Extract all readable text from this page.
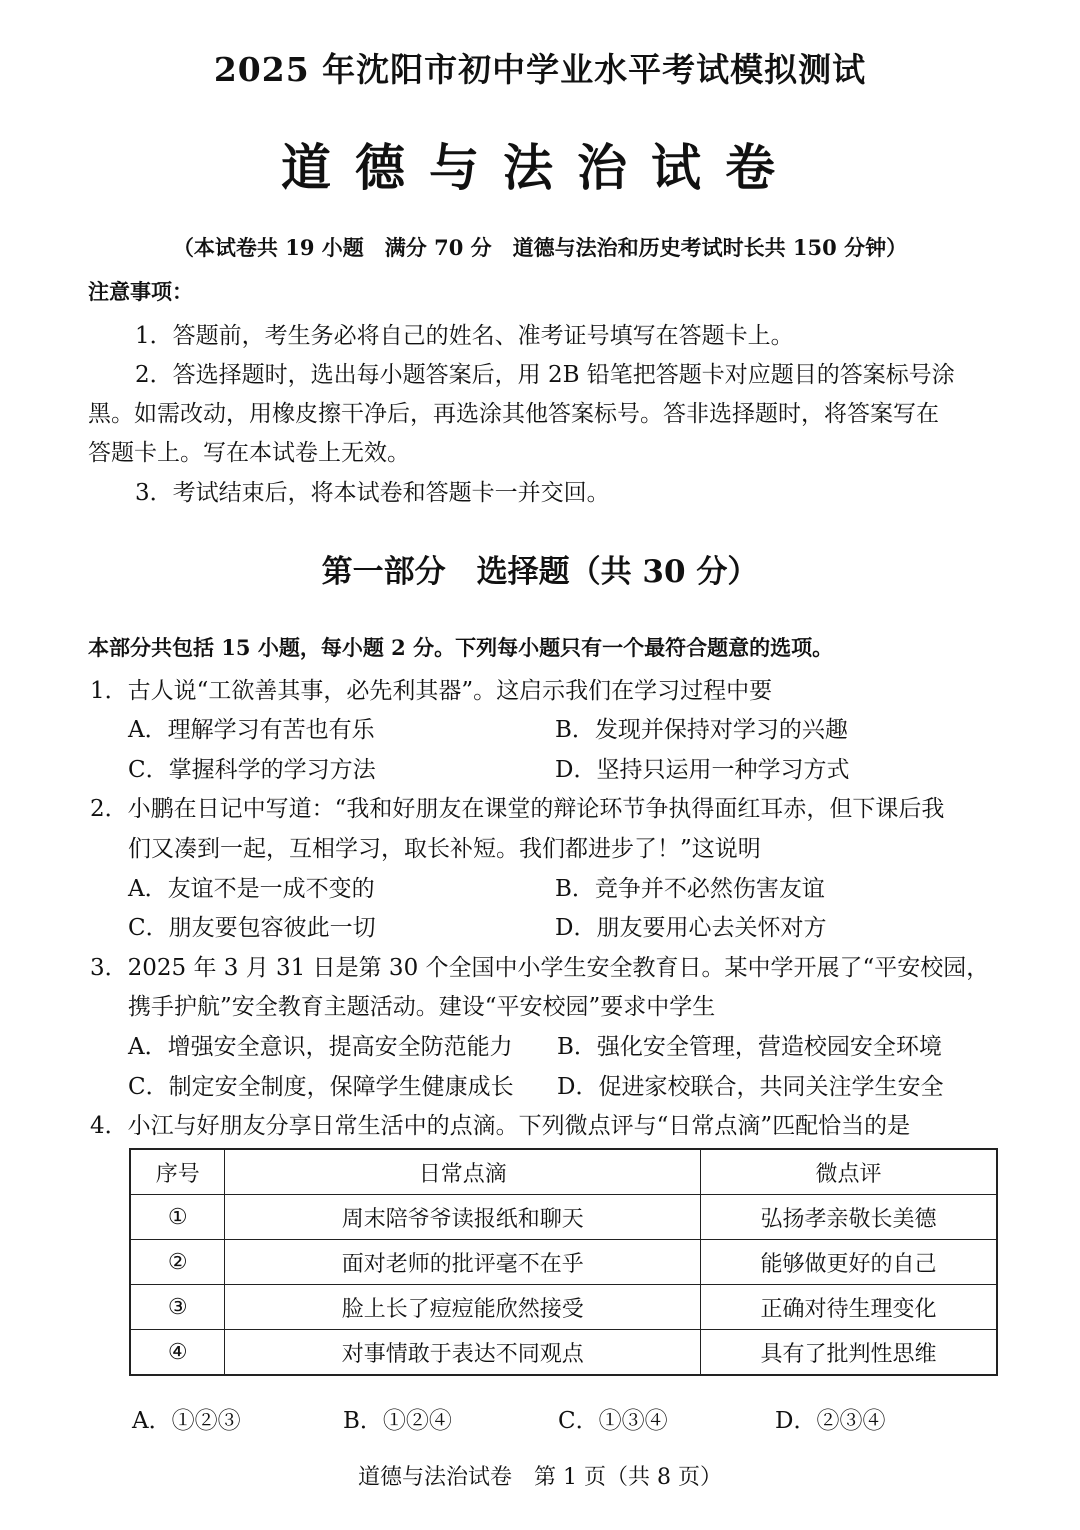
2025 年沈阳市初中学业水平考试模拟测试
道德与法治试卷
（本试卷共 19 小题　满分 70 分　道德与法治和历史考试时长共 150 分钟）
注意事项：
1．答题前，考生务必将自己的姓名、准考证号填写在答题卡上。
2．答选择题时，选出每小题答案后，用 2B 铅笔把答题卡对应题目的答案标号涂
黑。如需改动，用橡皮擦干净后，再选涂其他答案标号。答非选择题时，将答案写在
答题卡上。写在本试卷上无效。
3．考试结束后，将本试卷和答题卡一并交回。
第一部分　选择题（共 30 分）
本部分共包括 15 小题，每小题 2 分。下列每小题只有一个最符合题意的选项。
1．古人说“工欲善其事，必先利其器”。这启示我们在学习过程中要
A．理解学习有苦也有乐	B．发现并保持对学习的兴趣
C．掌握科学的学习方法	D．坚持只运用一种学习方式
2．小鹏在日记中写道：“我和好朋友在课堂的辩论环节争执得面红耳赤，但下课后我
们又凑到一起，互相学习，取长补短。我们都进步了！”这说明
A．友谊不是一成不变的	B．竞争并不必然伤害友谊
C．朋友要包容彼此一切	D．朋友要用心去关怀对方
3．2025 年 3 月 31 日是第 30 个全国中小学生安全教育日。某中学开展了“平安校园，
携手护航”安全教育主题活动。建设“平安校园”要求中学生
A．增强安全意识，提高安全防范能力 B．强化安全管理，营造校园安全环境
C．制定安全制度，保障学生健康成长 D．促进家校联合，共同关注学生安全
4．小江与好朋友分享日常生活中的点滴。下列微点评与“日常点滴”匹配恰当的是
序号	日常点滴	微点评
①	周末陪爷爷读报纸和聊天	弘扬孝亲敬长美德
②	面对老师的批评毫不在乎	能够做更好的自己
③	脸上长了痘痘能欣然接受	正确对待生理变化
④	对事情敢于表达不同观点	具有了批判性思维
A．①②③	B．①②④	C．①③④	D．②③④
道德与法治试卷　第 1 页（共 8 页）
